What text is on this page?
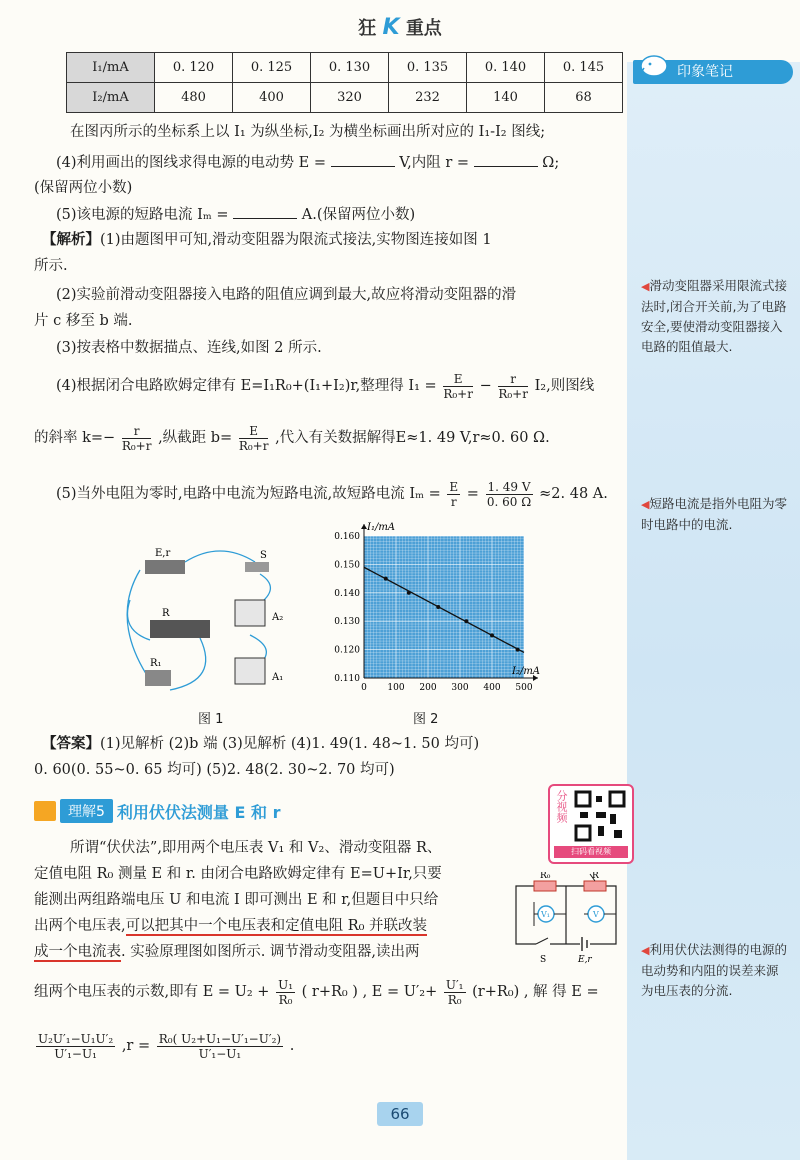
印象笔记
◀滑动变阻器采用限流式接法时,闭合开关前,为了电路安全,要使滑动变阻器接入电路的阻值最大.
◀短路电流是指外电阻为零时电路中的电流.
◀利用伏伏法测得的电源的电动势和内阻的误差来源为电压表的分流.
狂 K 重点
I₁/mA	0. 120	0. 125	0. 130	0. 135	0. 140	0. 145
I₂/mA	480	400	320	232	140	68
在图丙所示的坐标系上以 I₁ 为纵坐标,I₂ 为横坐标画出所对应的 I₁-I₂ 图线;
(4)利用画出的图线求得电源的电动势 E =	V,内阻 r =	Ω;
(保留两位小数)
(5)该电源的短路电流 Iₘ =	A.(保留两位小数)
【解析】(1)由题图甲可知,滑动变阻器为限流式接法,实物图连接如图 1
所示.
(2)实验前滑动变阻器接入电路的阻值应调到最大,故应将滑动变阻器的滑
片 c 移至 b 端.
(3)按表格中数据描点、连线,如图 2 所示.
(4)根据闭合电路欧姆定律有 E=I₁R₀+(I₁+I₂)r,整理得 $I_1 = \frac{E}{\text{R₀+r}} - \frac{r}{\text{R₀+r}} I_2$,则图线
的斜率 $k=- \frac{r}{\text{R₀+r}}$ ,纵截距 $b= \frac{E}{\text{R₀+r}}$ ,代入有关数据解得E≈1. 49 V,r≈0. 60 Ω.
(5)当外电阻为零时,电路中电流为短路电流,故短路电流 $I_m = \frac{E}{r} = \frac{1. 49 V}{0. 60 \Omega} \approx 2$. 48 A.
E,r	S
R
R₁
A₂
A₁
图 1
0 100 200 300 400 500
0.110
0.120
0.130
0.140
0.150
0.160
I₁/mA
I₂/mA
图 2
【答案】(1)见解析 (2)b 端 (3)见解析 (4)1. 49(1. 48~1. 50 均可)
0. 60(0. 55~0. 65 均可) (5)2. 48(2. 30~2. 70 均可)
理解5 利用伏伏法测量 E 和 r	分视频
扫码看视频
所谓“伏伏法”,即用两个电压表 V₁ 和 V₂、滑动变阻器 R、
定值电阻 R₀ 测量 E 和 r. 由闭合电路欧姆定律有 E=U+Ir,只要
能测出两组路端电压 U 和电流 I 即可测出 E 和 r,但题目中只给
出两个电压表,可以把其中一个电压表和定值电阻 R₀ 并联改装
成一个电流表. 实验原理图如图所示. 调节滑动变阻器,读出两
组两个电压表的示数,即有 $E = U_2 + \frac{\text{U₁}}{\text{R₀}}$ ( r+R₀ ) , $E = U'_2+ \frac{\text{U′₁}}{\text{R₀}} (r+R_0)$ , 解 得 E =
$\frac{\text{U₂U′₁−U₁U′₂}}{\text{U′₁−U₁}} ,r = \frac{\text{R₀( U₂+U₁−U′₁−U′₂)}}{\text{U′₁−U₁}}$ .
R₀	R
V₁	V
S	E,r
66
